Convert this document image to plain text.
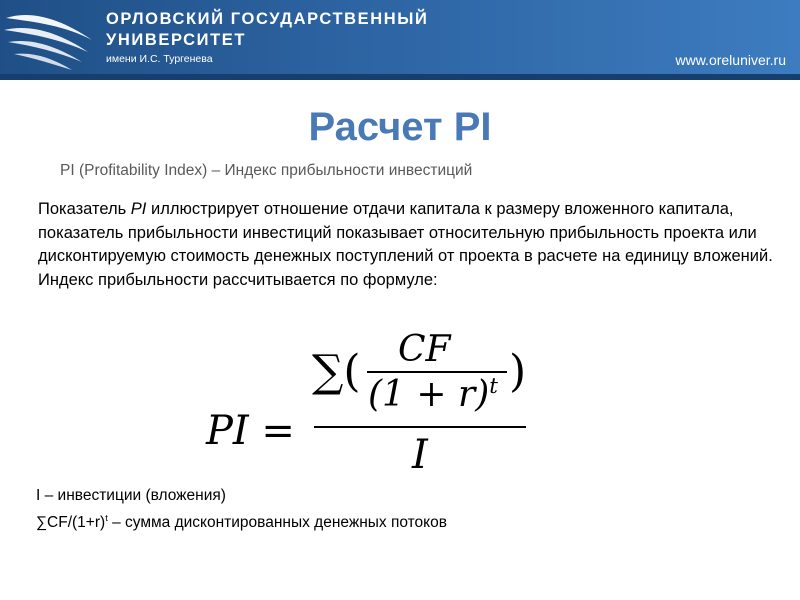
ОРЛОВСКИЙ ГОСУДАРСТВЕННЫЙ
УНИВЕРСИТЕТ
имени И.С. Тургенева	www.oreluniver.ru
Расчет PI
PI (Profitability Index) – Индекс прибыльности инвестиций
Показатель PI иллюстрирует отношение отдачи капитала к размеру вложенного капитала, показатель прибыльности инвестиций показывает относительную прибыльность проекта или дисконтируемую стоимость денежных поступлений от проекта в расчете на единицу вложений. Индекс прибыльности рассчитывается по формуле:
PI =
∑( CF
$(1 + r)^t$ )
I
I – инвестиции (вложения)
$\sum CF/(1+r)^t$ – сумма дисконтированных денежных потоков
